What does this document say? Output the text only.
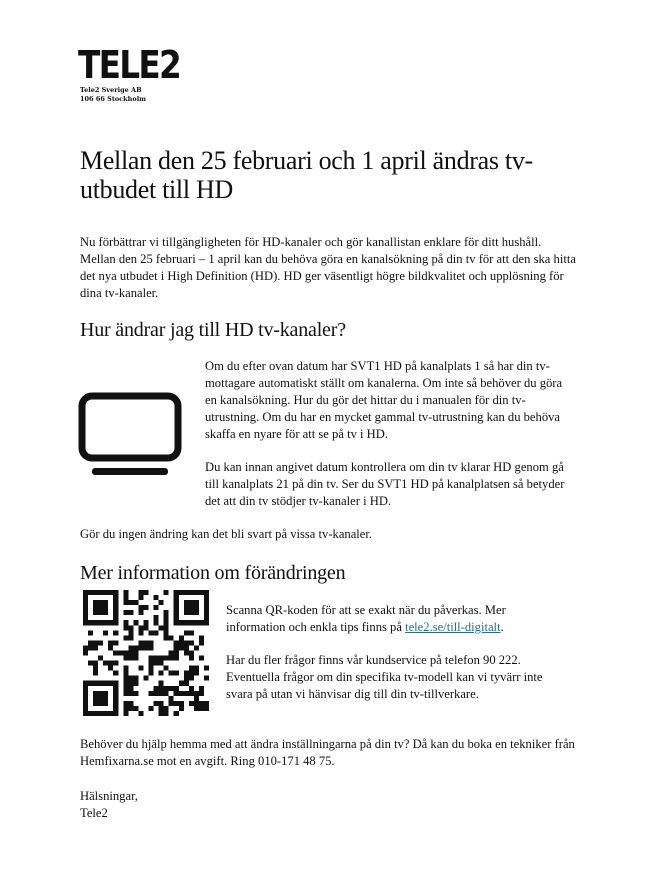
TELE2
Tele2 Sverige AB
106 66 Stockholm
Mellan den 25 februari och 1 april ändras tv-utbudet till HD

Nu förbättrar vi tillgängligheten för HD-kanaler och gör kanallistan enklare för ditt hushåll. Mellan den 25 februari – 1 april kan du behöva göra en kanalsökning på din tv för att den ska hitta det nya utbudet i High Definition (HD). HD ger väsentligt högre bildkvalitet och upplösning för dina tv-kanaler.

Hur ändrar jag till HD tv-kanaler?

Om du efter ovan datum har SVT1 HD på kanalplats 1 så har din tv-mottagare automatiskt ställt om kanalerna. Om inte så behöver du göra en kanalsökning. Hur du gör det hittar du i manualen för din tv-utrustning. Om du har en mycket gammal tv-utrustning kan du behöva skaffa en nyare för att se på tv i HD.

Du kan innan angivet datum kontrollera om din tv klarar HD genom gå till kanalplats 21 på din tv. Ser du SVT1 HD på kanalplatsen så betyder det att din tv stödjer tv-kanaler i HD.

Gör du ingen ändring kan det bli svart på vissa tv-kanaler.

Mer information om förändringen

Scanna QR-koden för att se exakt när du påverkas. Mer information och enkla tips finns på tele2.se/till-digitalt.

Har du fler frågor finns vår kundservice på telefon 90 222. Eventuella frågor om din specifika tv-modell kan vi tyvärr inte svara på utan vi hänvisar dig till din tv-tillverkare.

Behöver du hjälp hemma med att ändra inställningarna på din tv? Då kan du boka en tekniker från Hemfixarna.se mot en avgift. Ring 010-171 48 75.

Hälsningar,
Tele2
